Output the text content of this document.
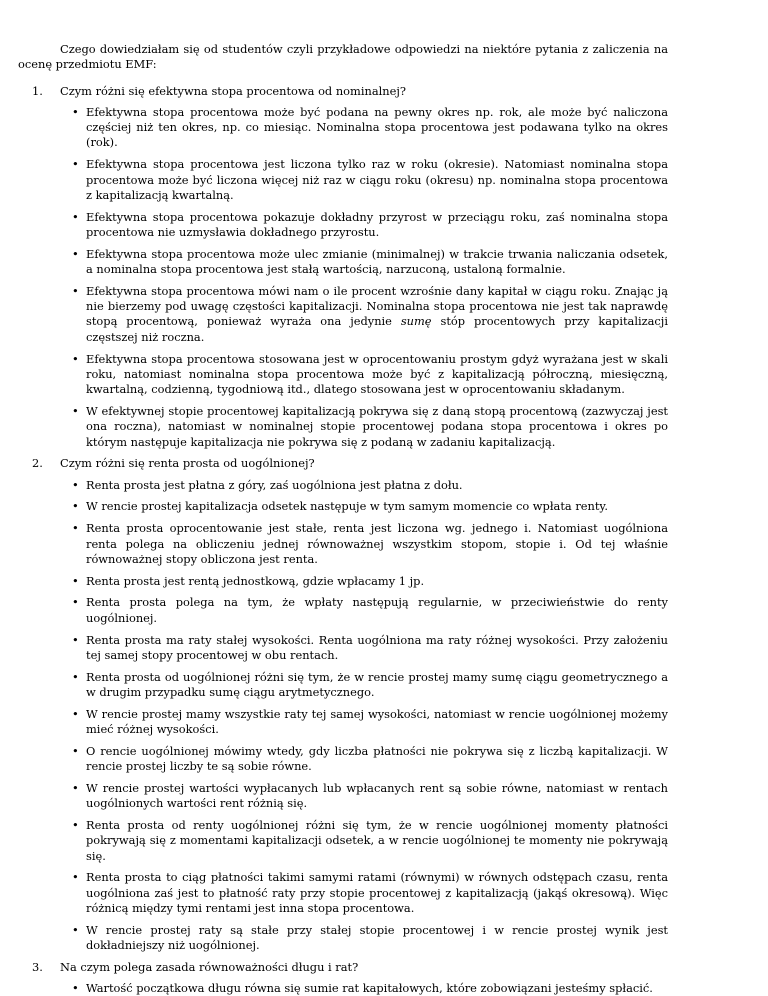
Czego dowiedziałam się od studentów czyli przykładowe odpowiedzi na niektóre pytania z zaliczenia na ocenę przedmiotu EMF:

1. Czym różni się efektywna stopa procentowa od nominalnej?

• Efektywna stopa procentowa może być podana na pewny okres np. rok, ale może być naliczona częściej niż ten okres, np. co miesiąc. Nominalna stopa procentowa jest podawana tylko na okres (rok).
• Efektywna stopa procentowa jest liczona tylko raz w roku (okresie). Natomiast nominalna stopa procentowa może być liczona więcej niż raz w ciągu roku (okresu) np. nominalna stopa procentowa z kapitalizacją kwartalną.
• Efektywna stopa procentowa pokazuje dokładny przyrost w przeciągu roku, zaś nominalna stopa procentowa nie uzmysławia dokładnego przyrostu.
• Efektywna stopa procentowa może ulec zmianie (minimalnej) w trakcie trwania naliczania odsetek, a nominalna stopa procentowa jest stałą wartością, narzuconą, ustaloną formalnie.
• Efektywna stopa procentowa mówi nam o ile procent wzrośnie dany kapitał w ciągu roku. Znając ją nie bierzemy pod uwagę częstości kapitalizacji. Nominalna stopa procentowa nie jest tak naprawdę stopą procentową, ponieważ wyraża ona jedynie sumę stóp procentowych przy kapitalizacji częstszej niż roczna.
• Efektywna stopa procentowa stosowana jest w oprocentowaniu prostym gdyż wyrażana jest w skali roku, natomiast nominalna stopa procentowa może być z kapitalizacją półroczną, miesięczną, kwartalną, codzienną, tygodniową itd., dlatego stosowana jest w oprocentowaniu składanym.
• W efektywnej stopie procentowej kapitalizacją pokrywa się z daną stopą procentową (zazwyczaj jest ona roczna), natomiast w nominalnej stopie procentowej podana stopa procentowa i okres po którym następuje kapitalizacja nie pokrywa się z podaną w zadaniu kapitalizacją.
2. Czym różni się renta prosta od uogólnionej?

• Renta prosta jest płatna z góry, zaś uogólniona jest płatna z dołu.
• W rencie prostej kapitalizacja odsetek następuje w tym samym momencie co wpłata renty.
• Renta prosta oprocentowanie jest stałe, renta jest liczona wg. jednego i. Natomiast uogólniona renta polega na obliczeniu jednej równoważnej wszystkim stopom, stopie i. Od tej właśnie równoważnej stopy obliczona jest renta.
• Renta prosta jest rentą jednostkową, gdzie wpłacamy 1 jp.
• Renta prosta polega na tym, że wpłaty następują regularnie, w przeciwieństwie do renty uogólnionej.
• Renta prosta ma raty stałej wysokości. Renta uogólniona ma raty różnej wysokości. Przy założeniu tej samej stopy procentowej w obu rentach.
• Renta prosta od uogólnionej różni się tym, że w rencie prostej mamy sumę ciągu geometrycznego a w drugim przypadku sumę ciągu arytmetycznego.
• W rencie prostej mamy wszystkie raty tej samej wysokości, natomiast w rencie uogólnionej możemy mieć różnej wysokości.
• O rencie uogólnionej mówimy wtedy, gdy liczba płatności nie pokrywa się z liczbą kapitalizacji. W rencie prostej liczby te są sobie równe.
• W rencie prostej wartości wypłacanych lub wpłacanych rent są sobie równe, natomiast w rentach uogólnionych wartości rent różnią się.
• Renta prosta od renty uogólnionej różni się tym, że w rencie uogólnionej momenty płatności pokrywają się z momentami kapitalizacji odsetek, a w rencie uogólnionej te momenty nie pokrywają się.
• Renta prosta to ciąg płatności takimi samymi ratami (równymi) w równych odstępach czasu, renta uogólniona zaś jest to płatność raty przy stopie procentowej z kapitalizacją (jakąś okresową). Więc różnicą między tymi rentami jest inna stopa procentowa.
• W rencie prostej raty są stałe przy stałej stopie procentowej i w rencie prostej wynik jest dokładniejszy niż uogólnionej.
3. Na czym polega zasada równoważności długu i rat?

• Wartość początkowa długu równa się sumie rat kapitałowych, które zobowiązani jesteśmy spłacić.
